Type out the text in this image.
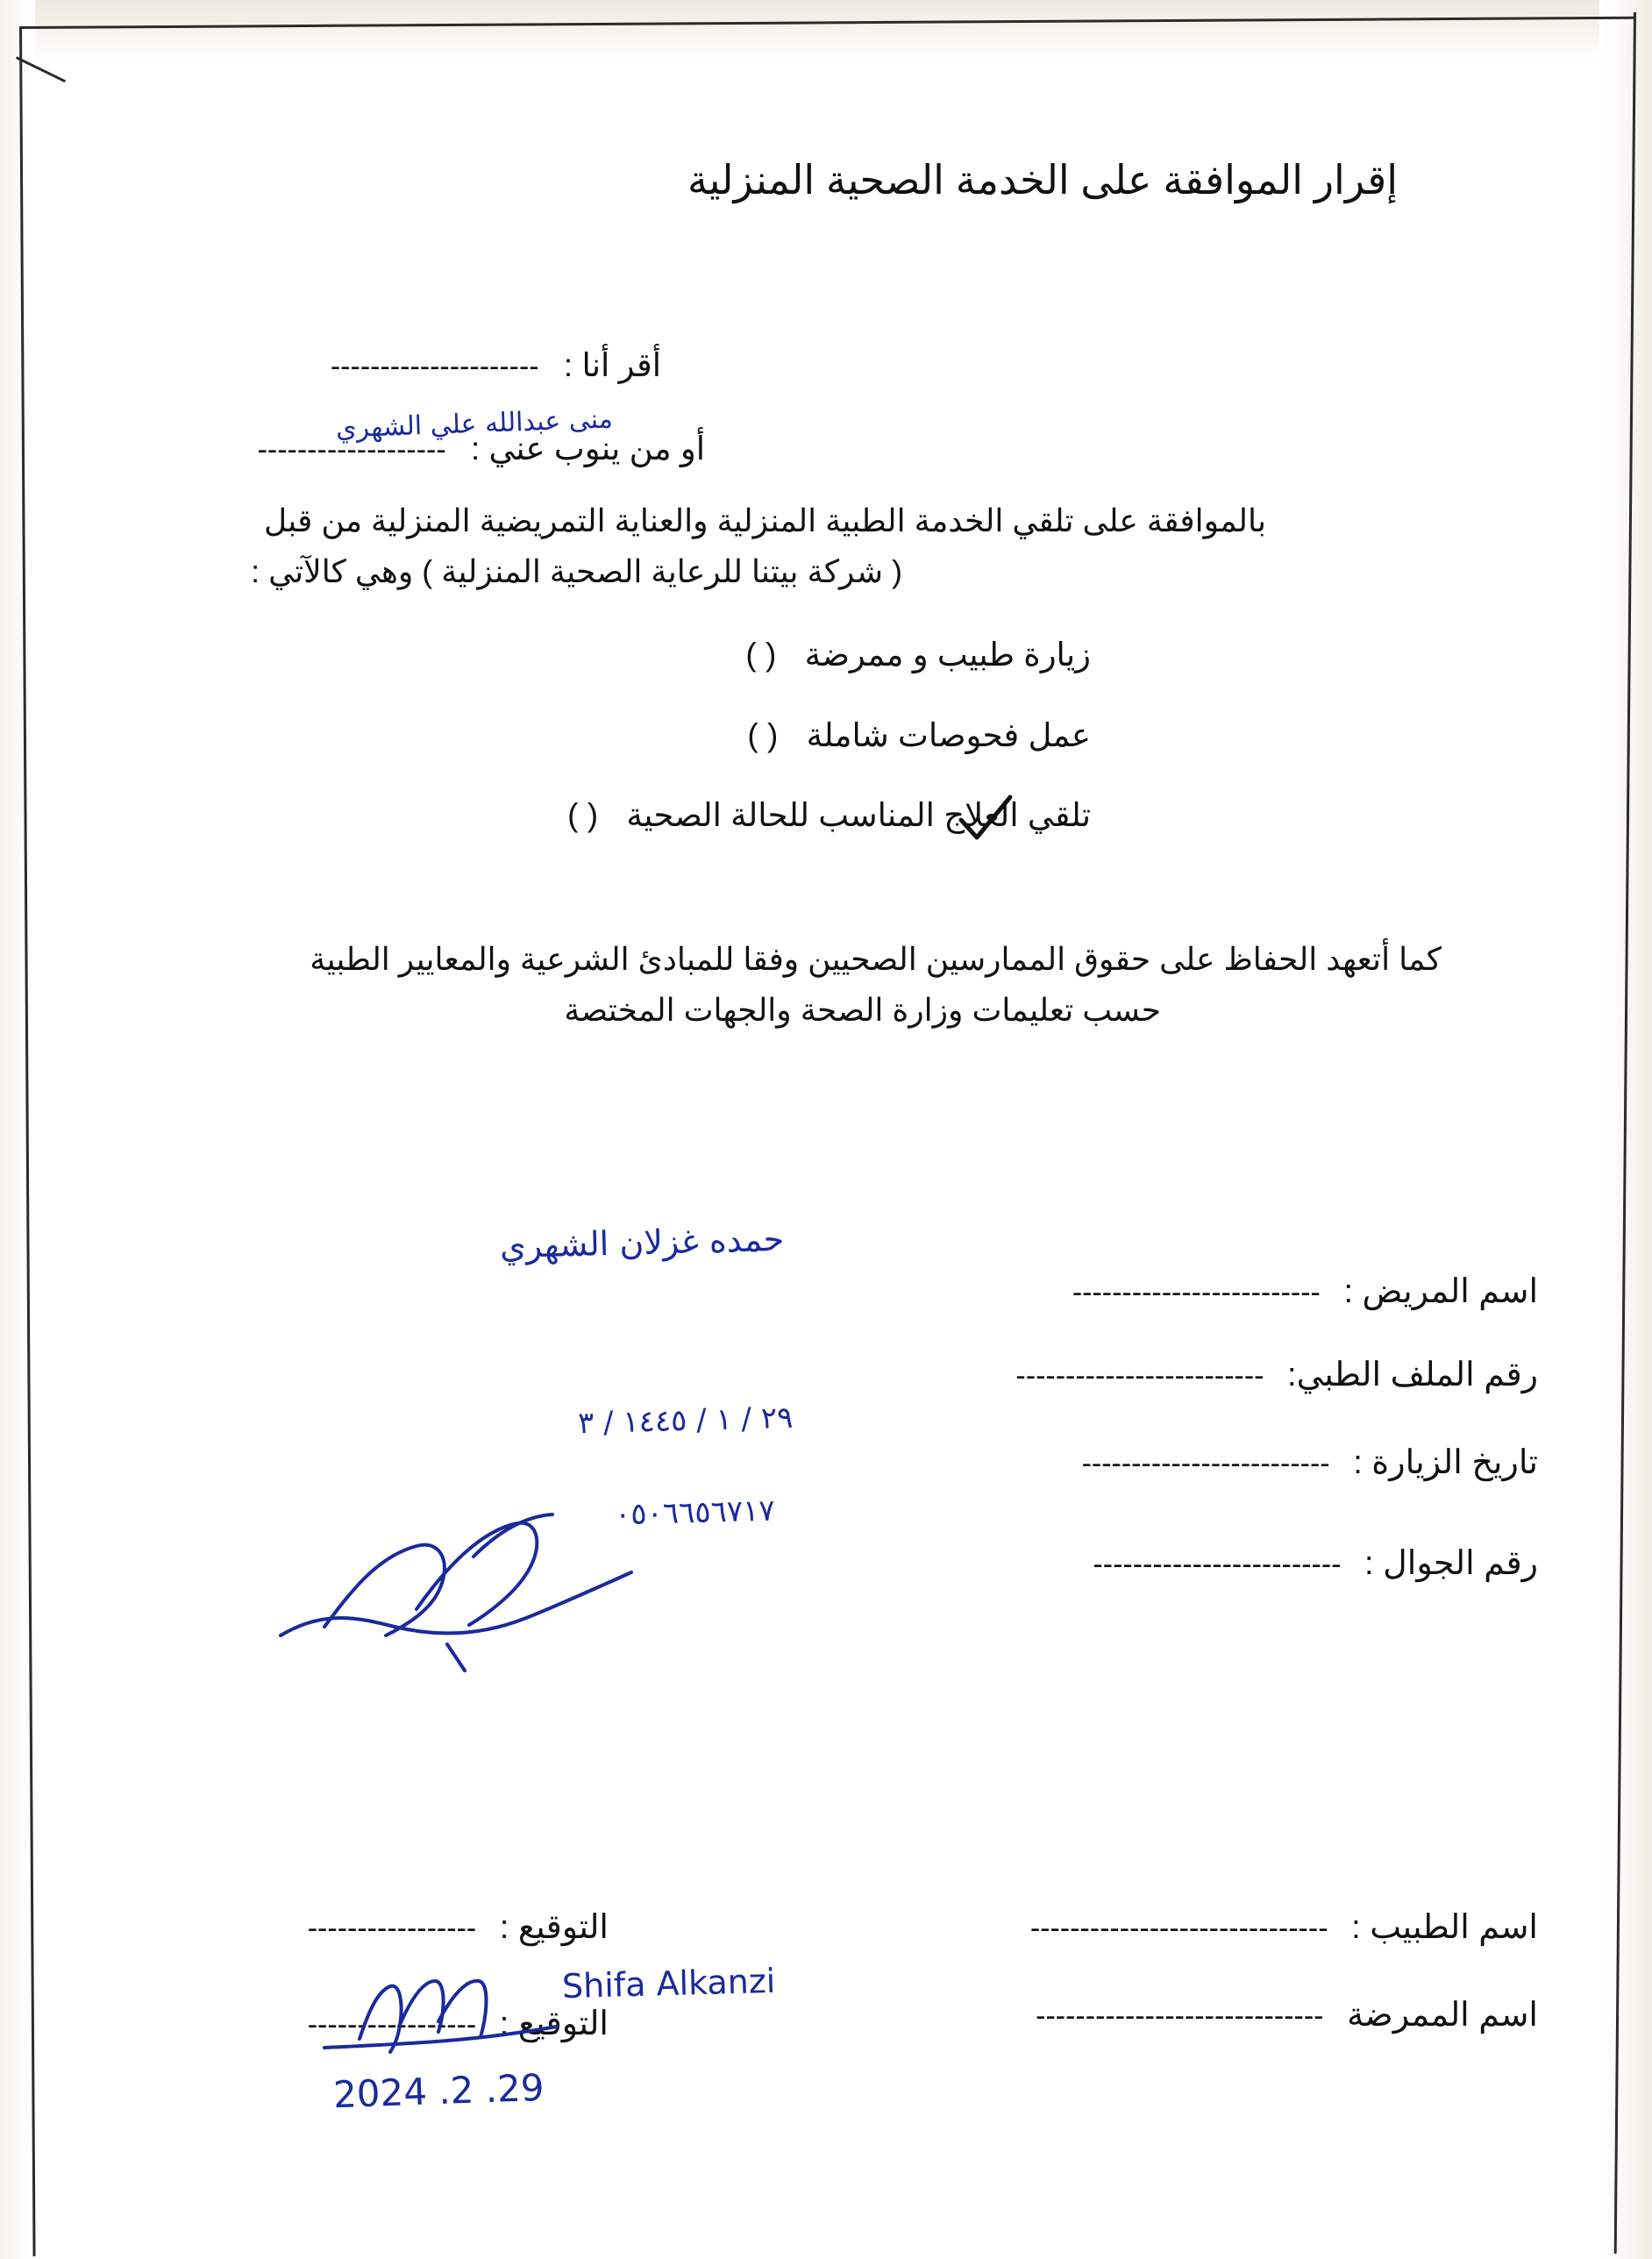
إقرار الموافقة على الخدمة الصحية المنزلية
أقر أنا : ---------------------
أو من ينوب عني : -------------------
منى عبدالله علي الشهري
بالموافقة على تلقي الخدمة الطبية المنزلية والعناية التمريضية المنزلية من قبل
( شركة بيتنا للرعاية الصحية المنزلية ) وهي كالآتي :
زيارة طبيب و ممرضة ( )
عمل فحوصات شاملة ( )
تلقي العلاج المناسب للحالة الصحية ( )
كما أتعهد الحفاظ على حقوق الممارسين الصحيين وفقا للمبادئ الشرعية والمعايير الطبية
حسب تعليمات وزارة الصحة والجهات المختصة
اسم المريض : -------------------------
حمده غزلان الشهري
رقم الملف الطبي: -------------------------
تاريخ الزيارة : -------------------------
٢٩ / ١ / ١٤٤٥ / ٣
رقم الجوال : -------------------------
٠٥٠٦٦٥٦٧١٧
اسم الطبيب : ------------------------------
التوقيع : -----------------
اسم الممرضة -----------------------------
Shifa Alkanzi
التوقيع : -----------------
29. 2. 2024
